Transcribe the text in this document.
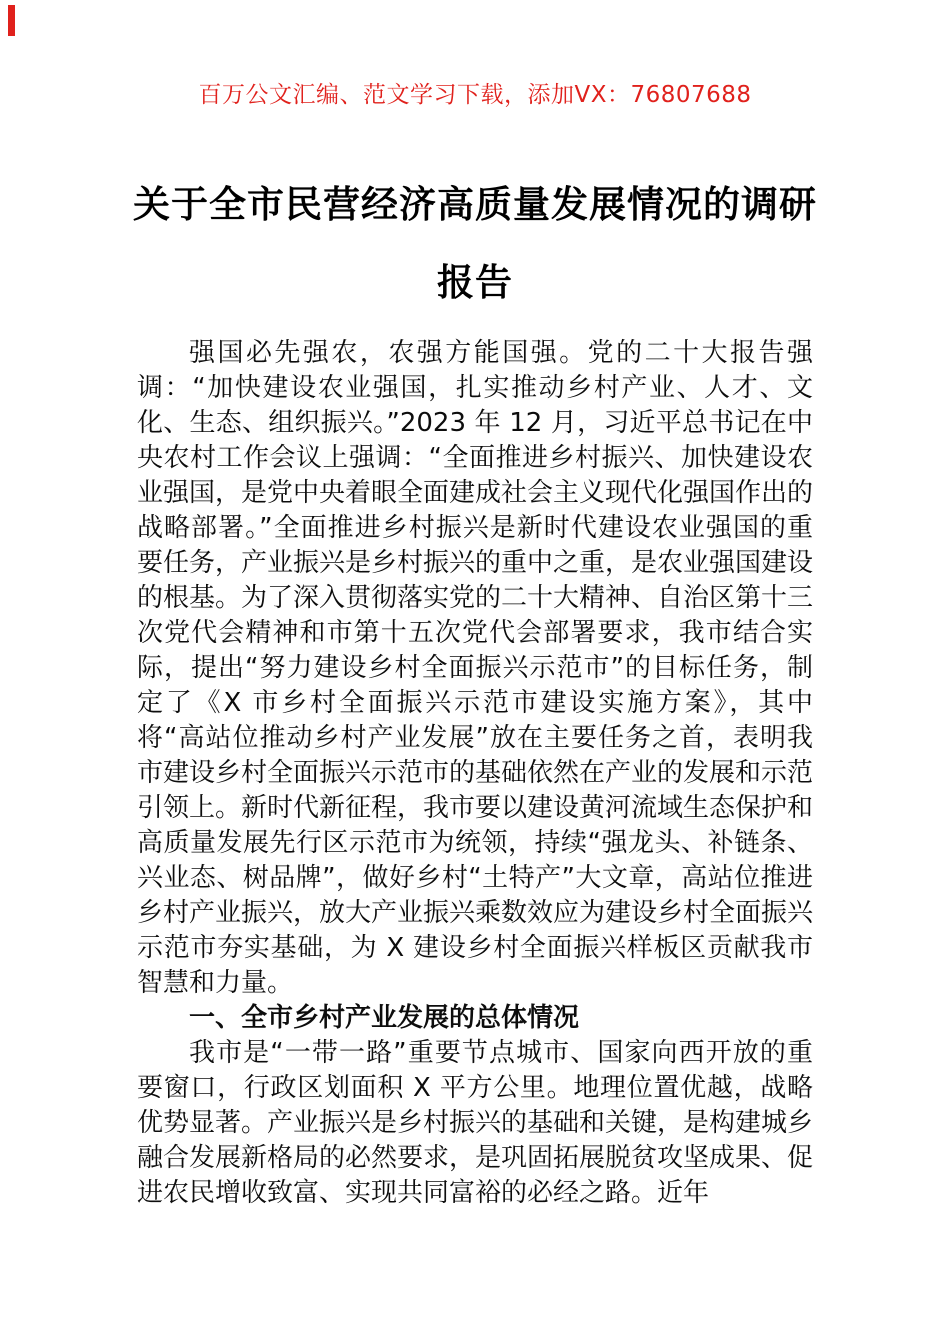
百万公文汇编、范文学习下载，添加VX：76807688
关于全市民营经济高质量发展情况的调研
报告

强国必先强农，农强方能国强。党的二十大报告强调：“加快建设农业强国，扎实推动乡村产业、人才、文化、生态、组织振兴。”2023 年 12 月，习近平总书记在中央农村工作会议上强调：“全面推进乡村振兴、加快建设农业强国，是党中央着眼全面建成社会主义现代化强国作出的战略部署。”全面推进乡村振兴是新时代建设农业强国的重要任务，产业振兴是乡村振兴的重中之重，是农业强国建设的根基。为了深入贯彻落实党的二十大精神、自治区第十三次党代会精神和市第十五次党代会部署要求，我市结合实际，提出“努力建设乡村全面振兴示范市”的目标任务，制定了《X 市乡村全面振兴示范市建设实施方案》，其中将“高站位推动乡村产业发展”放在主要任务之首，表明我市建设乡村全面振兴示范市的基础依然在产业的发展和示范引领上。新时代新征程，我市要以建设黄河流域生态保护和高质量发展先行区示范市为统领，持续“强龙头、补链条、兴业态、树品牌”，做好乡村“土特产”大文章，高站位推进乡村产业振兴，放大产业振兴乘数效应为建设乡村全面振兴示范市夯实基础，为 X 建设乡村全面振兴样板区贡献我市智慧和力量。

一、全市乡村产业发展的总体情况

我市是“一带一路”重要节点城市、国家向西开放的重要窗口，行政区划面积 X 平方公里。地理位置优越，战略优势显著。产业振兴是乡村振兴的基础和关键，是构建城乡融合发展新格局的必然要求，是巩固拓展脱贫攻坚成果、促进农民增收致富、实现共同富裕的必经之路。近年
